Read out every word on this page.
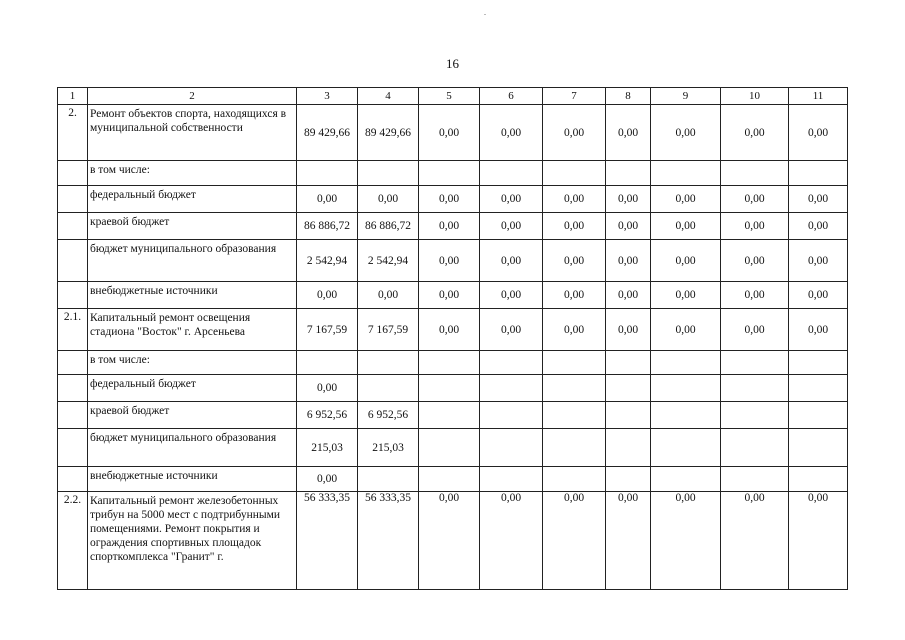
16
1	2	3	4	5	6	7	8	9	10	11
2.	Ремонт объектов спорта, находящихся в муниципальной собственности	89 429,66	89 429,66	0,00	0,00	0,00	0,00	0,00	0,00	0,00
	в том числе:									
	федеральный бюджет	0,00	0,00	0,00	0,00	0,00	0,00	0,00	0,00	0,00
	краевой бюджет	86 886,72	86 886,72	0,00	0,00	0,00	0,00	0,00	0,00	0,00
	бюджет муниципального образования	2 542,94	2 542,94	0,00	0,00	0,00	0,00	0,00	0,00	0,00
	внебюджетные источники	0,00	0,00	0,00	0,00	0,00	0,00	0,00	0,00	0,00
2.1.	Капитальный ремонт освещения стадиона "Восток" г. Арсеньева	7 167,59	7 167,59	0,00	0,00	0,00	0,00	0,00	0,00	0,00
	в том числе:									
	федеральный бюджет	0,00								
	краевой бюджет	6 952,56	6 952,56							
	бюджет муниципального образования	215,03	215,03							
	внебюджетные источники	0,00								
2.2.	Капитальный ремонт железобетонных трибун на 5000 мест с подтрибунными помещениями. Ремонт покрытия и ограждения спортивных площадок спорткомплекса "Гранит" г.	56 333,35	56 333,35	0,00	0,00	0,00	0,00	0,00	0,00	0,00
